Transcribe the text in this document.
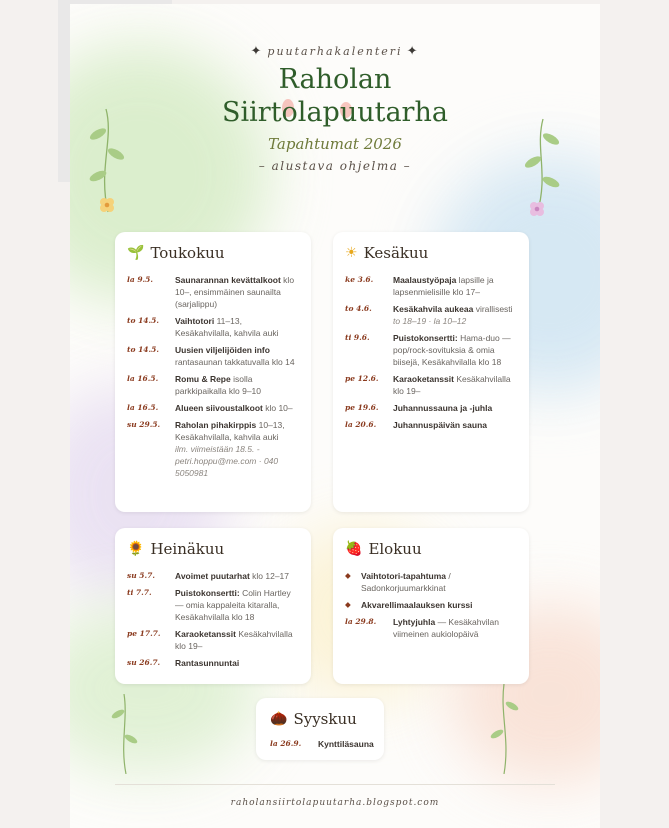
✦ puutarhakalenteri ✦
Raholan
Siirtolapuutarha
Tapahtumat 2026
– alustava ohjelma –
🌱 Toukokuu
la 9.5.	Saunarannan kevättalkoot klo 10–, ensimmäinen saunailta (sarjalippu)
to 14.5.	Vaihtotori 11–13, Kesäkahvilalla, kahvila auki
to 14.5.	Uusien viljelijöiden info rantasaunan takkatuvalla klo 14
la 16.5.	Romu & Repe isolla parkkipaikalla klo 9–10
la 16.5.	Alueen siivoustalkoot klo 10–
su 29.5.	Raholan pihakirppis 10–13, Kesäkahvilalla, kahvila auki
ilm. viimeistään 18.5. - petri.hoppu@me.com · 040 5050981
☀ Kesäkuu
ke 3.6.	Maalaustyöpaja lapsille ja lapsenmielisille klo 17–
to 4.6.	Kesäkahvila aukeaa virallisesti
to 18–19 · la 10–12
ti 9.6.	Puistokonsertti: Hama-duo — pop/rock-sovituksia & omia biisejä, Kesäkahvilalla klo 18
pe 12.6.	Karaoketanssit Kesäkahvilalla klo 19–
pe 19.6.	Juhannussauna ja -juhla
la 20.6.	Juhannuspäivän sauna
🌻 Heinäkuu
su 5.7.	Avoimet puutarhat klo 12–17
ti 7.7.	Puistokonsertti: Colin Hartley — omia kappaleita kitaralla, Kesäkahvilalla klo 18
pe 17.7.	Karaoketanssit Kesäkahvilalla klo 19–
su 26.7.	Rantasunnuntai
🍓 Elokuu
◆	Vaihtotori-tapahtuma / Sadonkorjuumarkkinat
◆	Akvarellimaalauksen kurssi
la 29.8.	Lyhtyjuhla — Kesäkahvilan viimeinen aukiolopäivä
🌰 Syyskuu
la 26.9.	Kynttiläsauna
raholansiirtolapuutarha.blogspot.com
